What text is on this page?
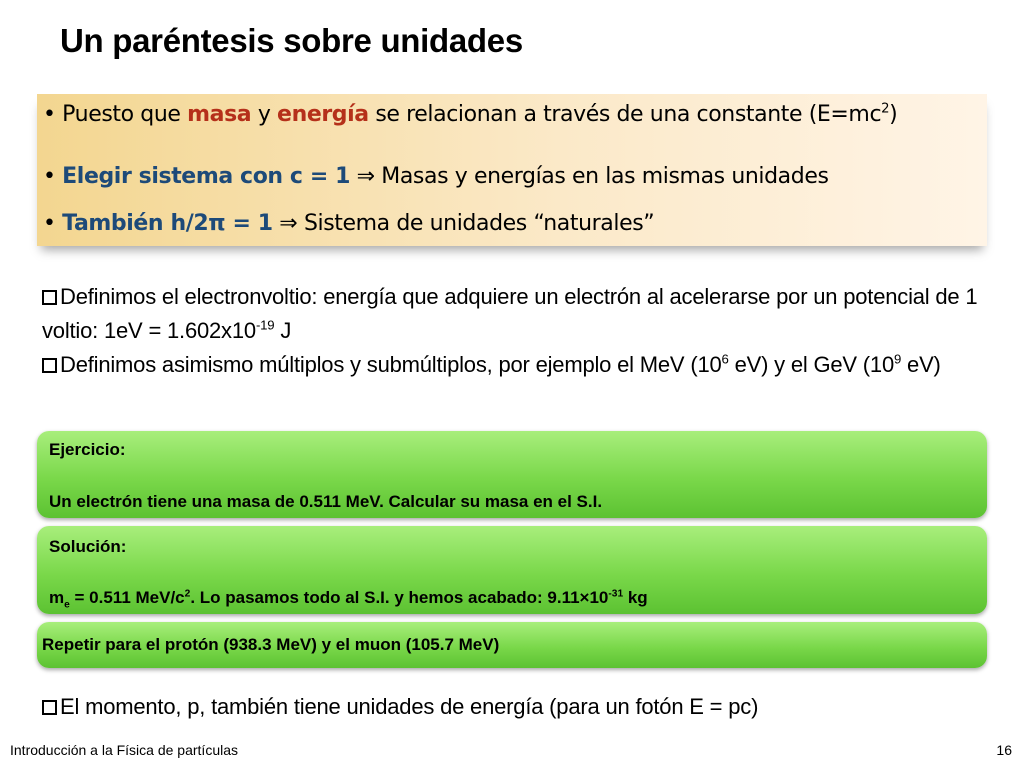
Un paréntesis sobre unidades
• Puesto que masa y energía se relacionan a través de una constante $(E=mc^2)$
• Elegir sistema con c = 1 ⇒ Masas y energías en las mismas unidades
• También h/2π = 1 ⇒ Sistema de unidades “naturales”
Definimos el electronvoltio: energía que adquiere un electrón al acelerarse por un potencial de 1 voltio: $1eV = 1.602x10^{-19}$ J
Definimos asimismo múltiplos y submúltiplos, por ejemplo el MeV ($10^6$ eV) y el GeV ($10^9$ eV)
Ejercicio:
Un electrón tiene una masa de 0.511 MeV. Calcular su masa en el S.I.
Solución:
$m_e = 0.511$ MeV/$c^2$. Lo pasamos todo al S.I. y hemos acabado: $9.11\times 10^{-31}$ kg
Repetir para el protón (938.3 MeV) y el muon (105.7 MeV)
El momento, p, también tiene unidades de energía (para un fotón E = pc)
Introducción a la Física de partículas	16
